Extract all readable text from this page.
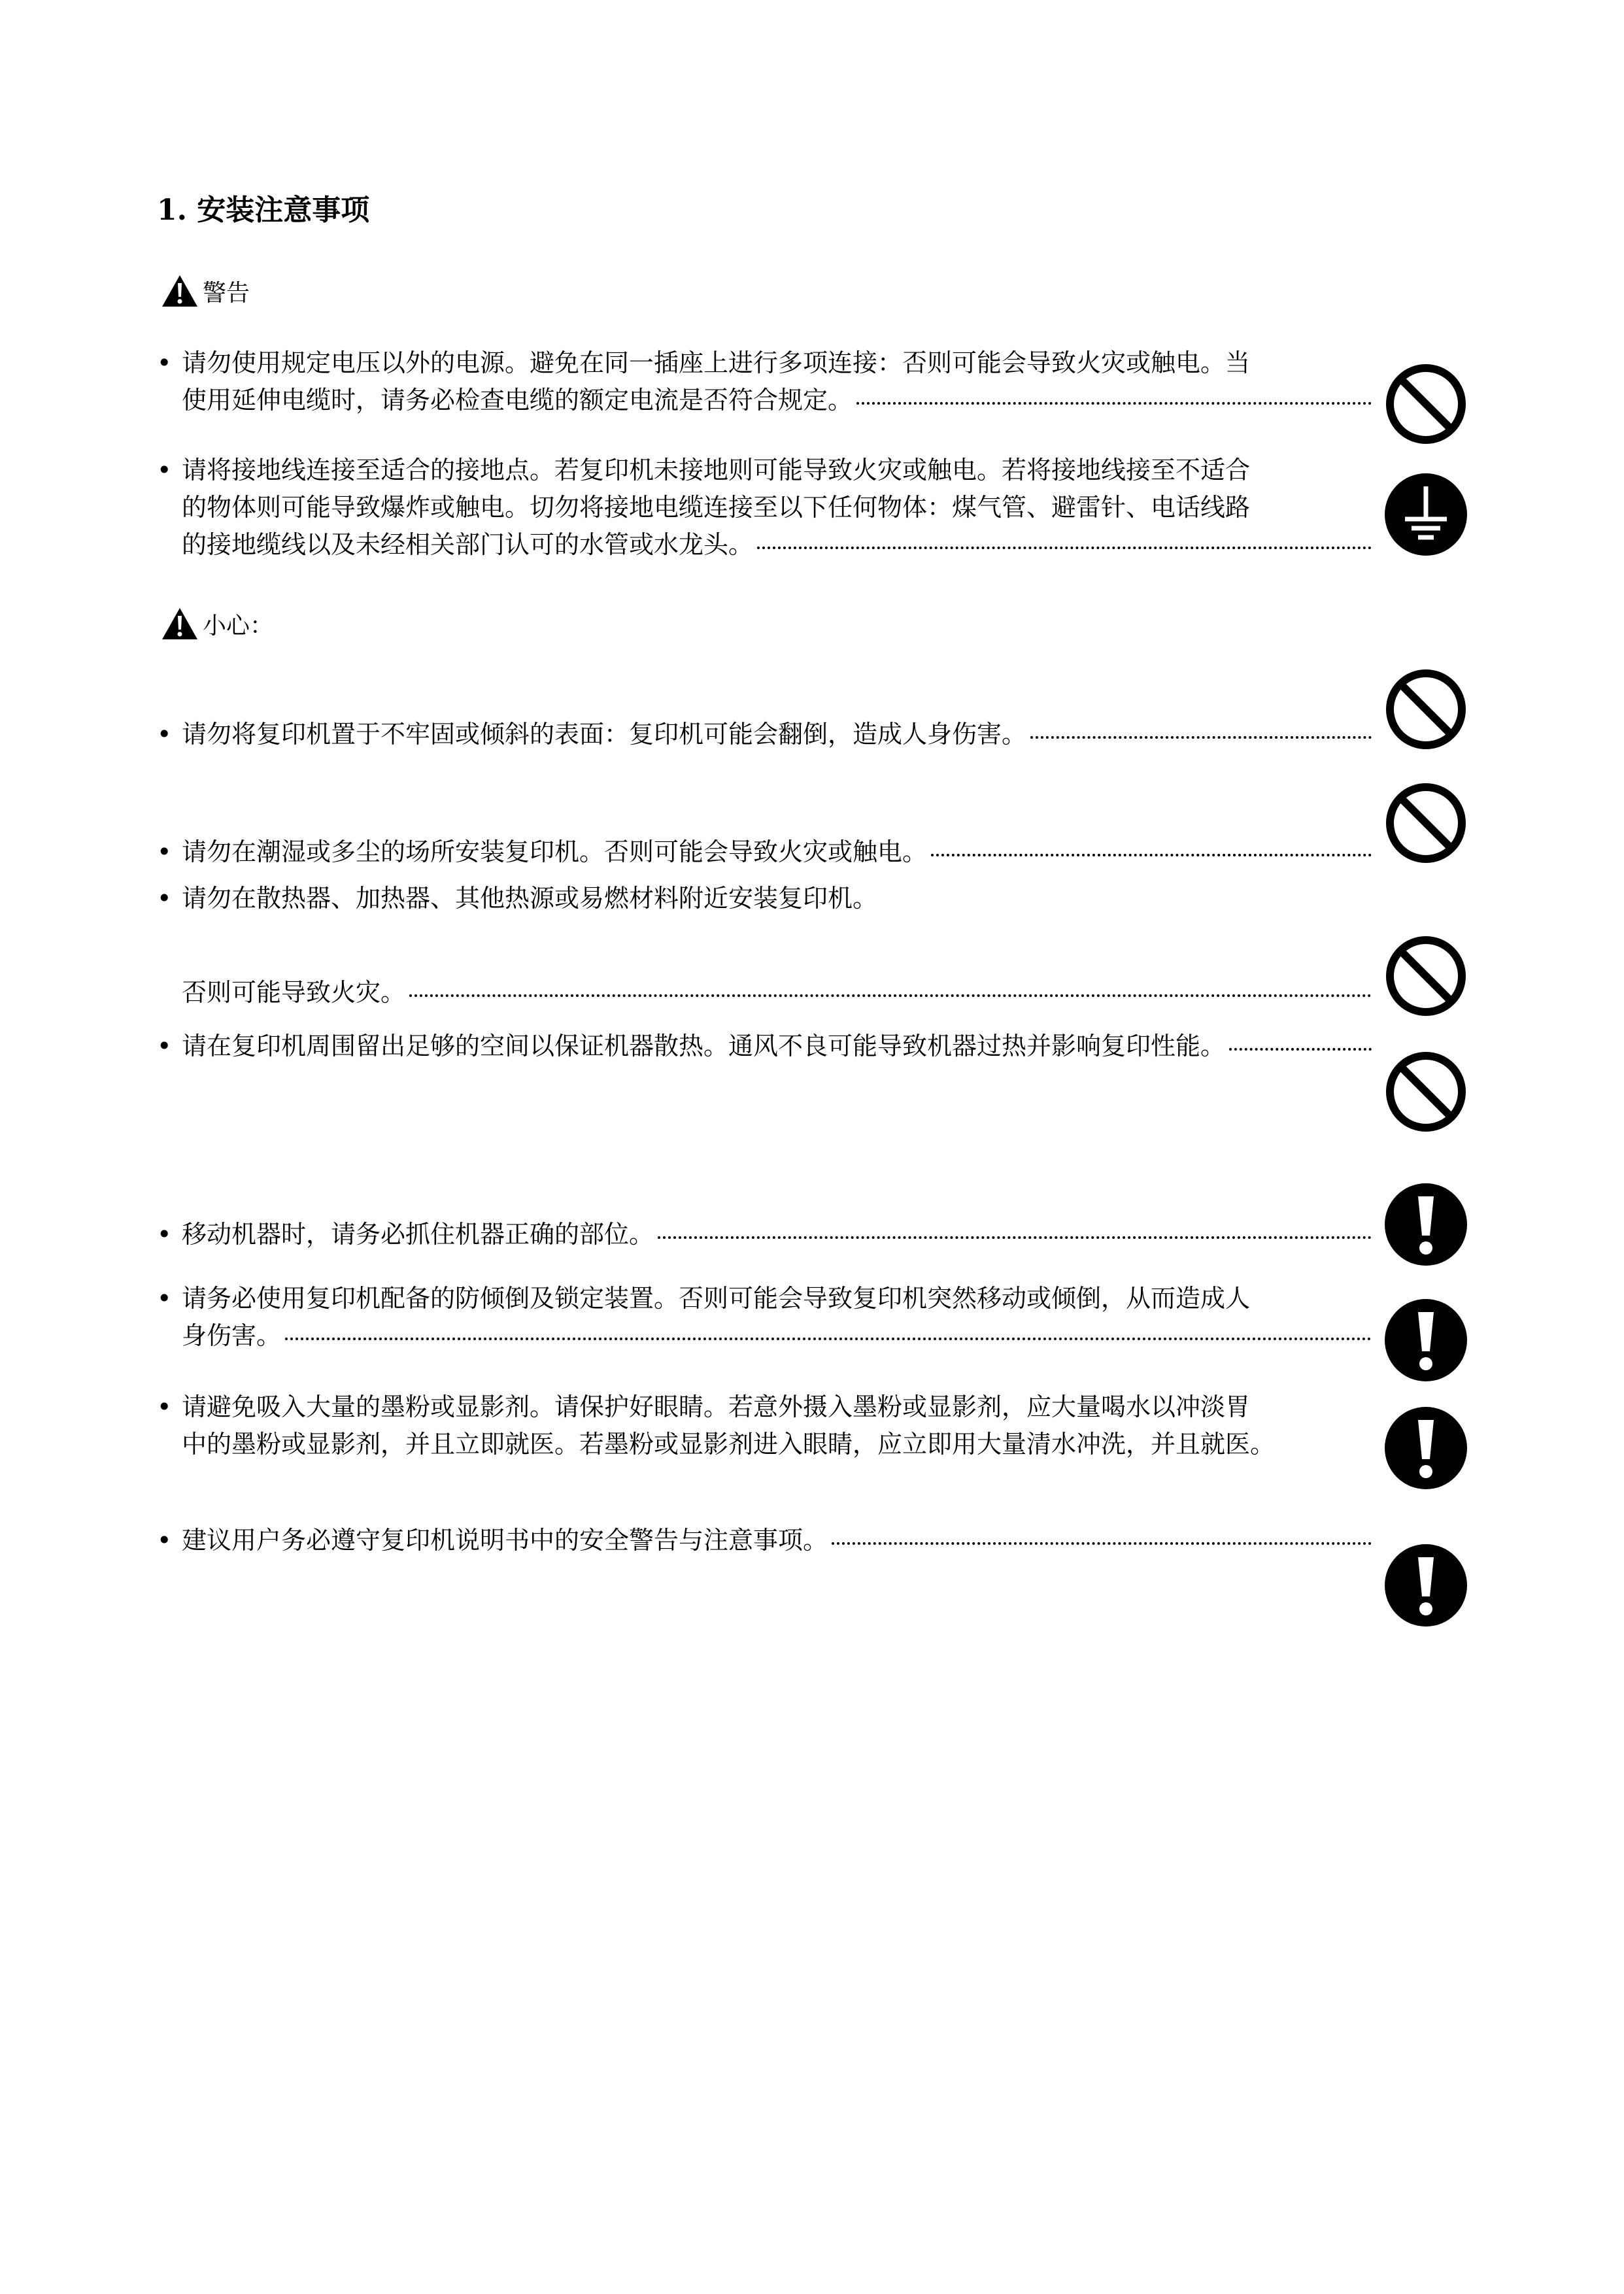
1. 安装注意事项
警告
• 请勿使用规定电压以外的电源。避免在同一插座上进行多项连接：否则可能会导致火灾或触电。当
使用延伸电缆时，请务必检查电缆的额定电流是否符合规定。
• 请将接地线连接至适合的接地点。若复印机未接地则可能导致火灾或触电。若将接地线接至不适合
的物体则可能导致爆炸或触电。切勿将接地电缆连接至以下任何物体：煤气管、避雷针、电话线路
的接地缆线以及未经相关部门认可的水管或水龙头。
小心：
• 请勿将复印机置于不牢固或倾斜的表面：复印机可能会翻倒，造成人身伤害。
• 请勿在潮湿或多尘的场所安装复印机。否则可能会导致火灾或触电。
• 请勿在散热器、加热器、其他热源或易燃材料附近安装复印机。
否则可能导致火灾。
• 请在复印机周围留出足够的空间以保证机器散热。通风不良可能导致机器过热并影响复印性能。
• 移动机器时，请务必抓住机器正确的部位。
• 请务必使用复印机配备的防倾倒及锁定装置。否则可能会导致复印机突然移动或倾倒，从而造成人
身伤害。
• 请避免吸入大量的墨粉或显影剂。请保护好眼睛。若意外摄入墨粉或显影剂，应大量喝水以冲淡胃
中的墨粉或显影剂，并且立即就医。若墨粉或显影剂进入眼睛，应立即用大量清水冲洗，并且就医。
• 建议用户务必遵守复印机说明书中的安全警告与注意事项。
